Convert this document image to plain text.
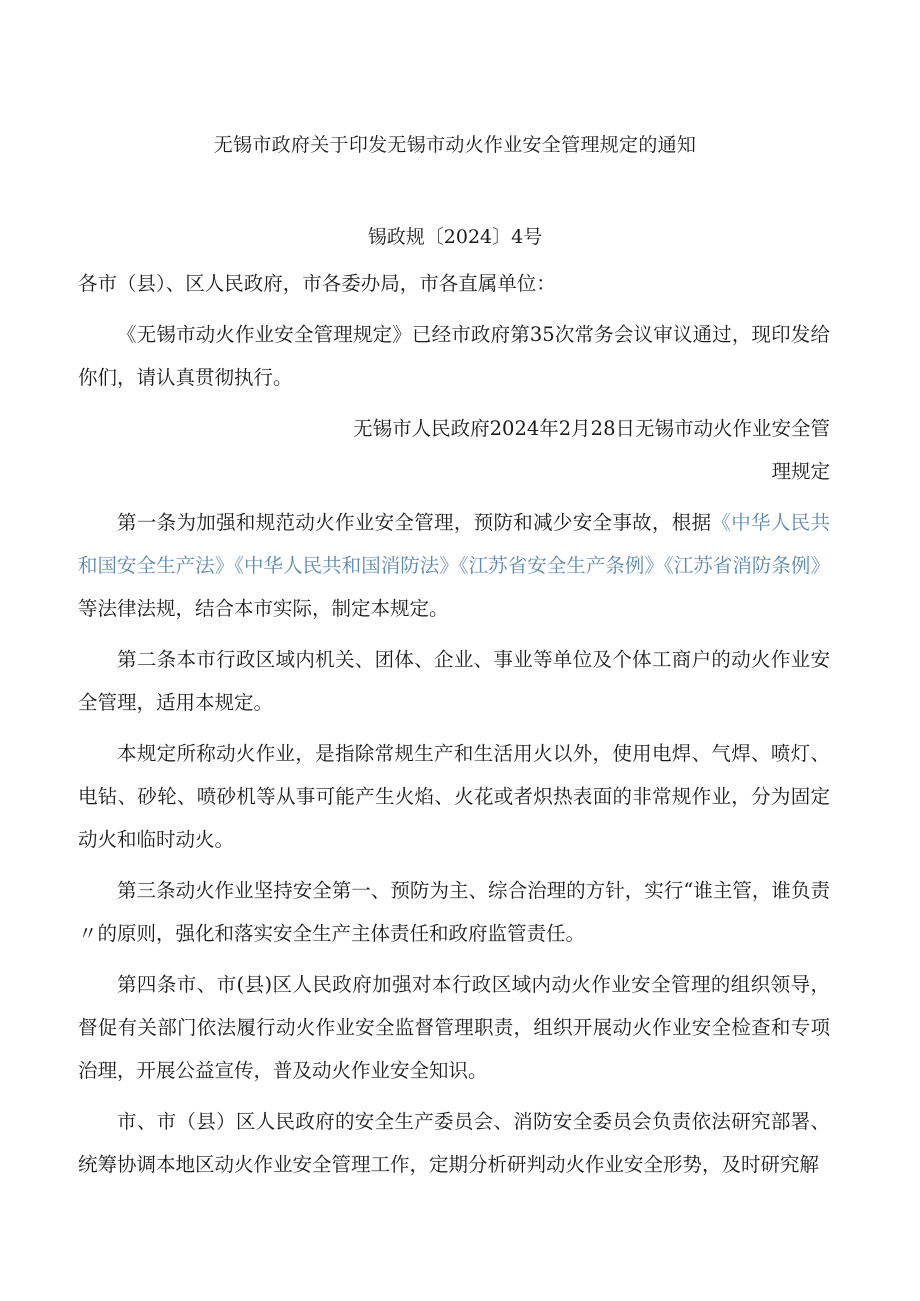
无锡市政府关于印发无锡市动火作业安全管理规定的通知
锡政规〔2024〕4号

各市（县）、区人民政府，市各委办局，市各直属单位：

《无锡市动火作业安全管理规定》已经市政府第35次常务会议审议通过，现印发给你们，请认真贯彻执行。

无锡市人民政府2024年2月28日无锡市动火作业安全管

理规定

第一条为加强和规范动火作业安全管理，预防和减少安全事故，根据《中华人民共和国安全生产法》《中华人民共和国消防法》《江苏省安全生产条例》《江苏省消防条例》等法律法规，结合本市实际，制定本规定。

第二条本市行政区域内机关、团体、企业、事业等单位及个体工商户的动火作业安全管理，适用本规定。

本规定所称动火作业，是指除常规生产和生活用火以外，使用电焊、气焊、喷灯、电钻、砂轮、喷砂机等从事可能产生火焰、火花或者炽热表面的非常规作业，分为固定动火和临时动火。

第三条动火作业坚持安全第一、预防为主、综合治理的方针，实行“谁主管，谁负责〃的原则，强化和落实安全生产主体责任和政府监管责任。

第四条市、市(县)区人民政府加强对本行政区域内动火作业安全管理的组织领导，督促有关部门依法履行动火作业安全监督管理职责，组织开展动火作业安全检查和专项治理，开展公益宣传，普及动火作业安全知识。

市、市（县）区人民政府的安全生产委员会、消防安全委员会负责依法研究部署、统筹协调本地区动火作业安全管理工作，定期分析研判动火作业安全形势，及时研究解
